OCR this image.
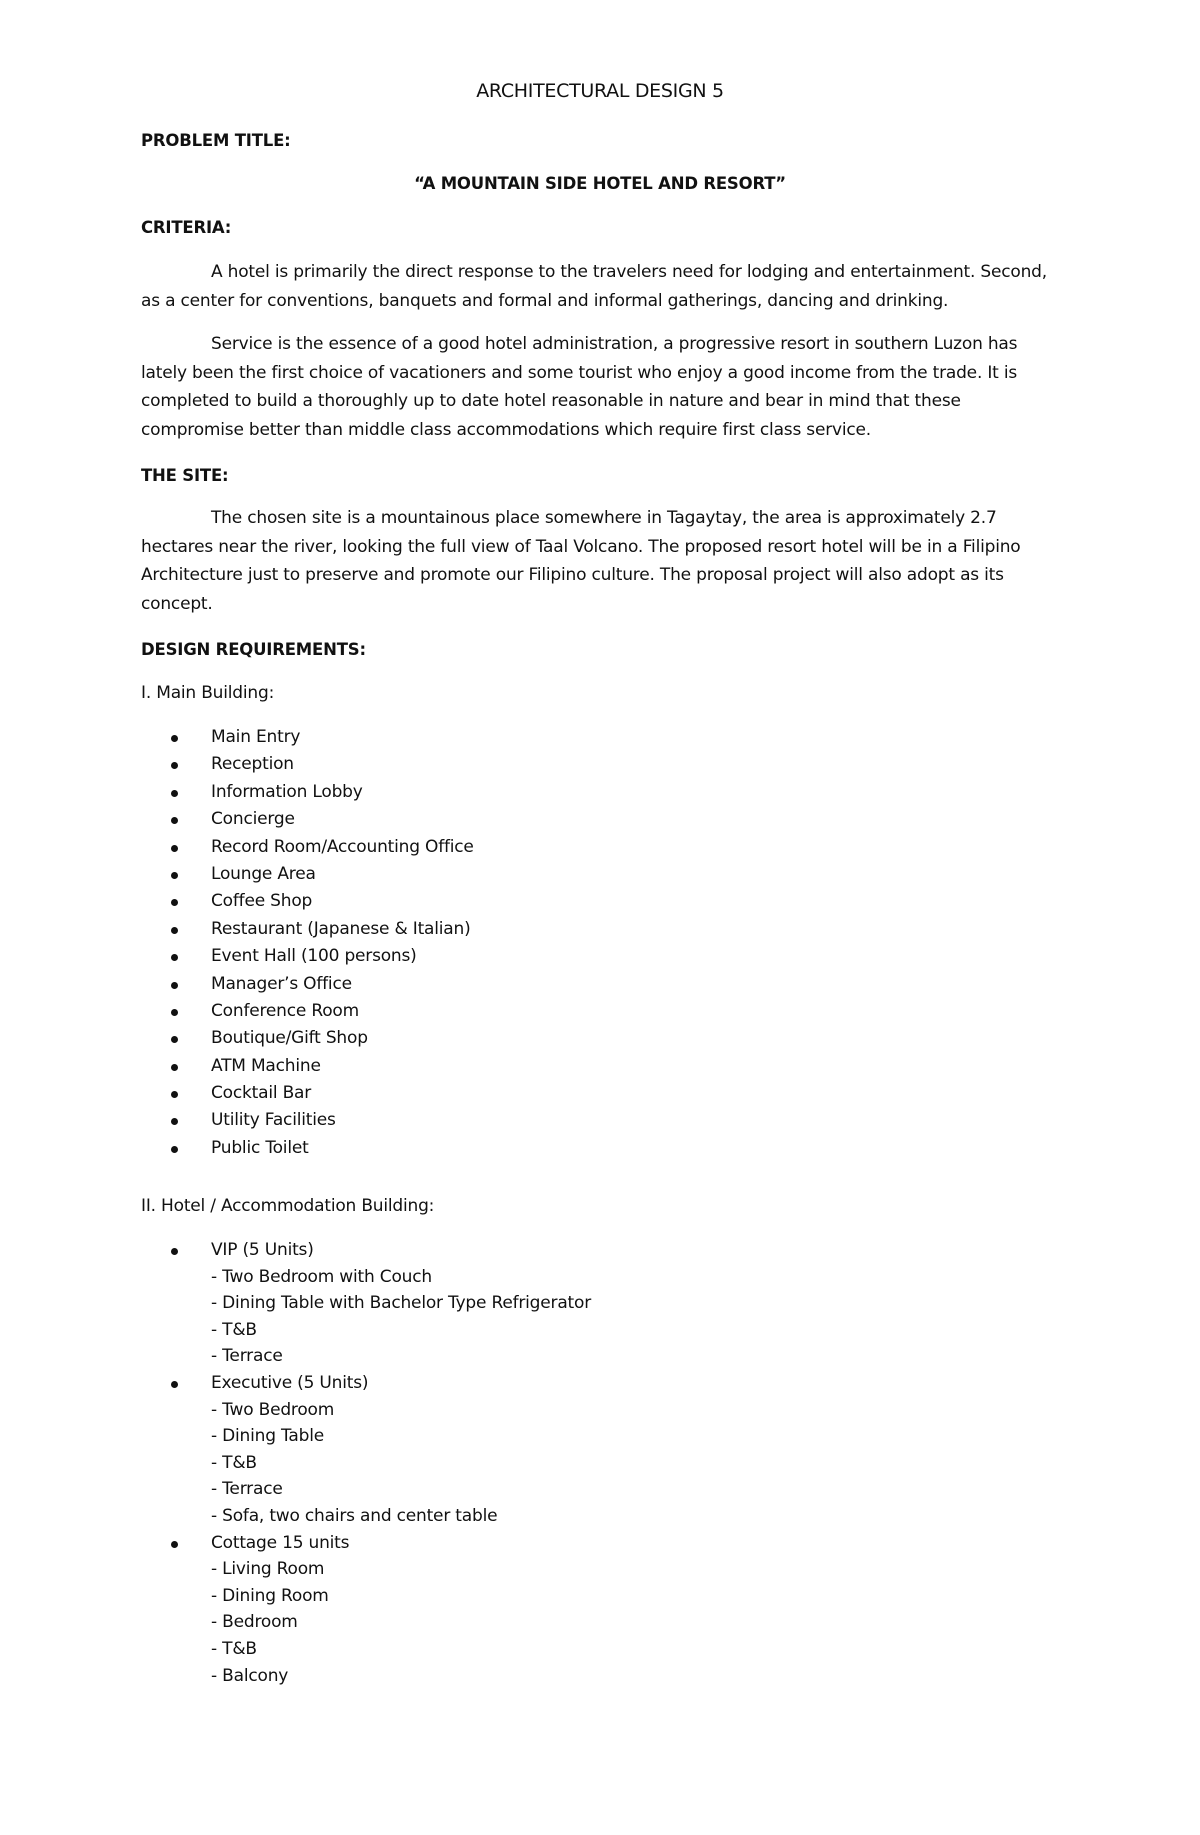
ARCHITECTURAL DESIGN 5
PROBLEM TITLE:
“A MOUNTAIN SIDE HOTEL AND RESORT”
CRITERIA:

A hotel is primarily the direct response to the travelers need for lodging and entertainment. Second, as a center for conventions, banquets and formal and informal gatherings, dancing and drinking.

Service is the essence of a good hotel administration, a progressive resort in southern Luzon has lately been the first choice of vacationers and some tourist who enjoy a good income from the trade. It is completed to build a thoroughly up to date hotel reasonable in nature and bear in mind that these compromise better than middle class accommodations which require first class service.

THE SITE:

The chosen site is a mountainous place somewhere in Tagaytay, the area is approximately 2.7 hectares near the river, looking the full view of Taal Volcano. The proposed resort hotel will be in a Filipino Architecture just to preserve and promote our Filipino culture. The proposal project will also adopt as its concept.

DESIGN REQUIREMENTS:
I. Main Building:
Main Entry
Reception
Information Lobby
Concierge
Record Room/Accounting Office
Lounge Area
Coffee Shop
Restaurant (Japanese & Italian)
Event Hall (100 persons)
Manager’s Office
Conference Room
Boutique/Gift Shop
ATM Machine
Cocktail Bar
Utility Facilities
Public Toilet
II. Hotel / Accommodation Building:
VIP (5 Units)
- Two Bedroom with Couch
- Dining Table with Bachelor Type Refrigerator
- T&B
- Terrace
Executive (5 Units)
- Two Bedroom
- Dining Table
- T&B
- Terrace
- Sofa, two chairs and center table
Cottage 15 units
- Living Room
- Dining Room
- Bedroom
- T&B
- Balcony
